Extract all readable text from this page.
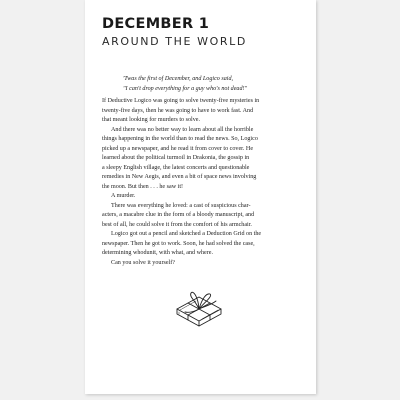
DECEMBER 1
AROUND THE WORLD
'Twas the first of December, and Logico said,
"I can't drop everything for a guy who's not dead!"
If Deductive Logico was going to solve twenty-five mysteries in
twenty-five days, then he was going to have to work fast. And
that meant looking for murders to solve.
And there was no better way to learn about all the horrible
things happening in the world than to read the news. So, Logico
picked up a newspaper, and he read it from cover to cover. He
learned about the political turmoil in Drakonia, the gossip in
a sleepy English village, the latest concerts and questionable
remedies in New Aegis, and even a bit of space news involving
the moon. But then . . . he saw it!
A murder.
There was everything he loved: a cast of suspicious char-
acters, a macabre clue in the form of a bloody manuscript, and
best of all, he could solve it from the comfort of his armchair.
Logico got out a pencil and sketched a Deduction Grid on the
newspaper. Then he got to work. Soon, he had solved the case,
determining whodunit, with what, and where.
Can you solve it yourself?
